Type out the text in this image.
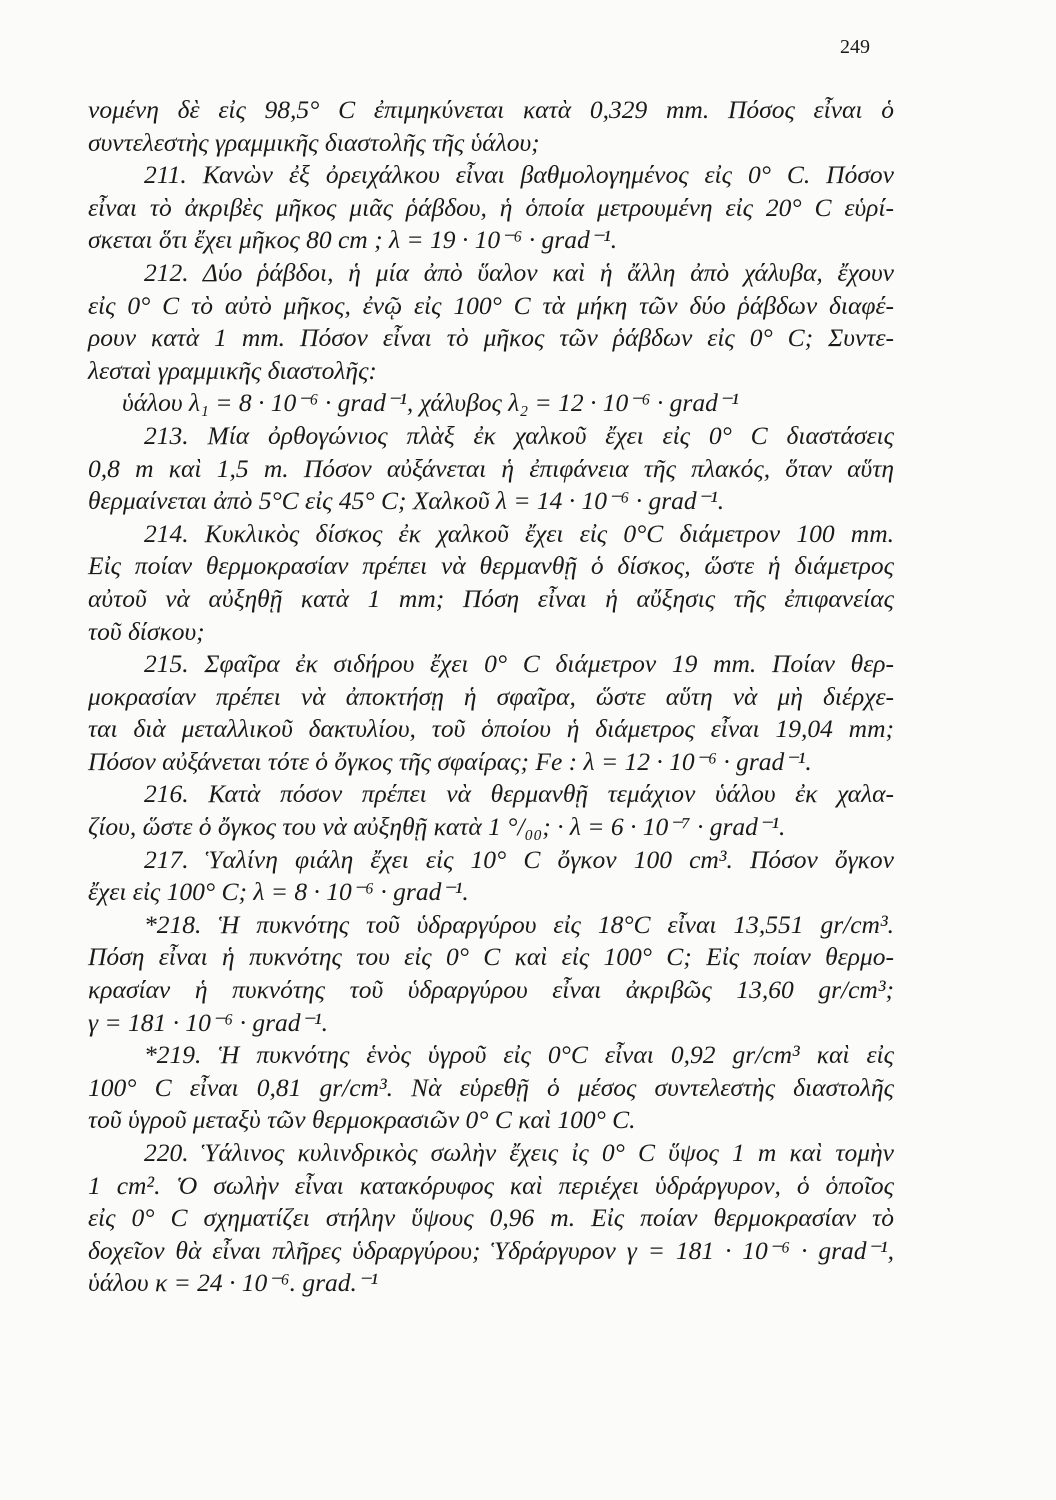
249
νομένη δὲ εἰς 98,5° C ἐπιμηκύνεται κατὰ 0,329 mm. Πόσος εἶναι ὁ
συντελεστὴς γραμμικῆς διαστολῆς τῆς ὑάλου;
211. Κανὼν ἐξ ὀρειχάλκου εἶναι βαθμολογημένος εἰς 0° C. Πόσον
εἶναι τὸ ἀκριβὲς μῆκος μιᾶς ῥάβδου, ἡ ὁποία μετρουμένη εἰς 20° C εὑρί-
σκεται ὅτι ἔχει μῆκος 80 cm ; λ = 19 · 10⁻⁶ · grad⁻¹.
212. Δύο ῥάβδοι, ἡ μία ἀπὸ ὕαλον καὶ ἡ ἄλλη ἀπὸ χάλυβα, ἔχουν
εἰς 0° C τὸ αὐτὸ μῆκος, ἐνῷ εἰς 100° C τὰ μήκη τῶν δύο ῥάβδων διαφέ-
ρουν κατὰ 1 mm. Πόσον εἶναι τὸ μῆκος τῶν ῥάβδων εἰς 0° C; Συντε-
λεσταὶ γραμμικῆς διαστολῆς:
ὑάλου λ₁ = 8 · 10⁻⁶ · grad⁻¹, χάλυβος λ₂ = 12 · 10⁻⁶ · grad⁻¹
213. Μία ὀρθογώνιος πλὰξ ἐκ χαλκοῦ ἔχει εἰς 0° C διαστάσεις
0,8 m καὶ 1,5 m. Πόσον αὐξάνεται ἡ ἐπιφάνεια τῆς πλακός, ὅταν αὕτη
θερμαίνεται ἀπὸ 5°C εἰς 45° C; Χαλκοῦ λ = 14 · 10⁻⁶ · grad⁻¹.
214. Κυκλικὸς δίσκος ἐκ χαλκοῦ ἔχει εἰς 0°C διάμετρον 100 mm.
Εἰς ποίαν θερμοκρασίαν πρέπει νὰ θερμανθῇ ὁ δίσκος, ὥστε ἡ διάμετρος
αὐτοῦ νὰ αὐξηθῇ κατὰ 1 mm; Πόση εἶναι ἡ αὔξησις τῆς ἐπιφανείας
τοῦ δίσκου;
215. Σφαῖρα ἐκ σιδήρου ἔχει 0° C διάμετρον 19 mm. Ποίαν θερ-
μοκρασίαν πρέπει νὰ ἀποκτήσῃ ἡ σφαῖρα, ὥστε αὕτη νὰ μὴ διέρχε-
ται διὰ μεταλλικοῦ δακτυλίου, τοῦ ὁποίου ἡ διάμετρος εἶναι 19,04 mm;
Πόσον αὐξάνεται τότε ὁ ὄγκος τῆς σφαίρας; Fe : λ = 12 · 10⁻⁶ · grad⁻¹.
216. Κατὰ πόσον πρέπει νὰ θερμανθῇ τεμάχιον ὑάλου ἐκ χαλα-
ζίου, ὥστε ὁ ὄγκος του νὰ αὐξηθῇ κατὰ 1 °/₀₀; · λ = 6 · 10⁻⁷ · grad⁻¹.
217. Ὑαλίνη φιάλη ἔχει εἰς 10° C ὄγκον 100 cm³. Πόσον ὄγκον
ἔχει εἰς 100° C; λ = 8 · 10⁻⁶ · grad⁻¹.
*218. Ἡ πυκνότης τοῦ ὑδραργύρου εἰς 18°C εἶναι 13,551 gr/cm³.
Πόση εἶναι ἡ πυκνότης του εἰς 0° C καὶ εἰς 100° C; Εἰς ποίαν θερμο-
κρασίαν ἡ πυκνότης τοῦ ὑδραργύρου εἶναι ἀκριβῶς 13,60 gr/cm³;
γ = 181 · 10⁻⁶ · grad⁻¹.
*219. Ἡ πυκνότης ἑνὸς ὑγροῦ εἰς 0°C εἶναι 0,92 gr/cm³ καὶ εἰς
100° C εἶναι 0,81 gr/cm³. Νὰ εὑρεθῇ ὁ μέσος συντελεστὴς διαστολῆς
τοῦ ὑγροῦ μεταξὺ τῶν θερμοκρασιῶν 0° C καὶ 100° C.
220. Ὑάλινος κυλινδρικὸς σωλὴν ἔχεις ἰς 0° C ὕψος 1 m καὶ τομὴν
1 cm². Ὁ σωλὴν εἶναι κατακόρυφος καὶ περιέχει ὑδράργυρον, ὁ ὁποῖος
εἰς 0° C σχηματίζει στήλην ὕψους 0,96 m. Εἰς ποίαν θερμοκρασίαν τὸ
δοχεῖον θὰ εἶναι πλῆρες ὑδραργύρου; Ὑδράργυρον γ = 181 · 10⁻⁶ · grad⁻¹,
ὑάλου κ = 24 · 10⁻⁶. grad.⁻¹
